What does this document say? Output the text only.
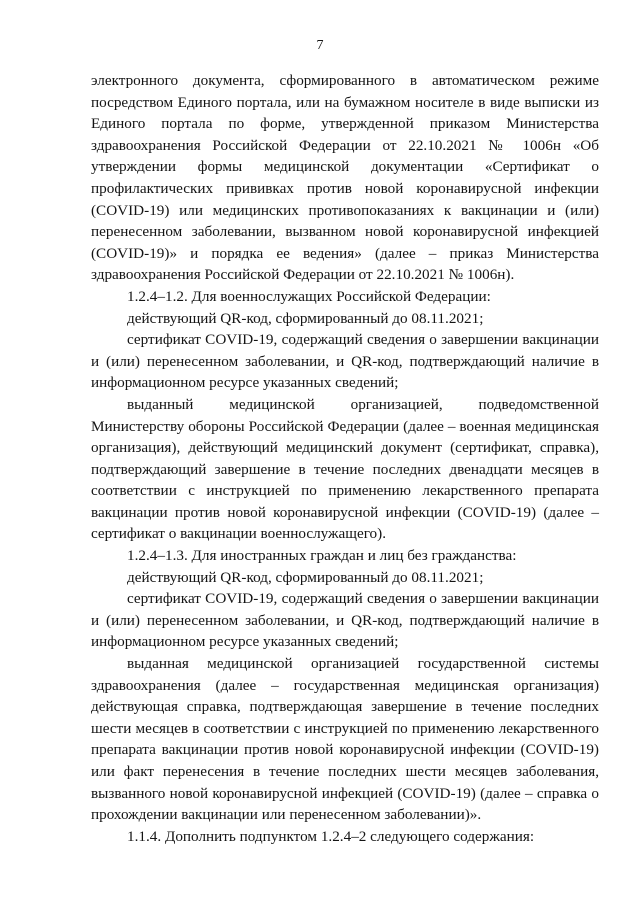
7

электронного документа, сформированного в автоматическом режиме посредством Единого портала, или на бумажном носителе в виде выписки из Единого портала по форме, утвержденной приказом Министерства здравоохранения Российской Федерации от 22.10.2021 № 1006н «Об утверждении формы медицинской документации «Сертификат о профилактических прививках против новой коронавирусной инфекции (COVID-19) или медицинских противопоказаниях к вакцинации и (или) перенесенном заболевании, вызванном новой коронавирусной инфекцией (COVID-19)» и порядка ее ведения» (далее – приказ Министерства здравоохранения Российской Федерации от 22.10.2021 № 1006н).

1.2.4–1.2. Для военнослужащих Российской Федерации:

действующий QR-код, сформированный до 08.11.2021;

сертификат COVID-19, содержащий сведения о завершении вакцинации и (или) перенесенном заболевании, и QR-код, подтверждающий наличие в информационном ресурсе указанных сведений;

выданный медицинской организацией, подведомственной Министерству обороны Российской Федерации (далее – военная медицинская организация), действующий медицинский документ (сертификат, справка), подтверждающий завершение в течение последних двенадцати месяцев в соответствии с инструкцией по применению лекарственного препарата вакцинации против новой коронавирусной инфекции (COVID-19) (далее – сертификат о вакцинации военнослужащего).

1.2.4–1.3. Для иностранных граждан и лиц без гражданства:

действующий QR-код, сформированный до 08.11.2021;

сертификат COVID-19, содержащий сведения о завершении вакцинации и (или) перенесенном заболевании, и QR-код, подтверждающий наличие в информационном ресурсе указанных сведений;

выданная медицинской организацией государственной системы здравоохранения (далее – государственная медицинская организация) действующая справка, подтверждающая завершение в течение последних шести месяцев в соответствии с инструкцией по применению лекарственного препарата вакцинации против новой коронавирусной инфекции (COVID-19) или факт перенесения в течение последних шести месяцев заболевания, вызванного новой коронавирусной инфекцией (COVID-19) (далее – справка о прохождении вакцинации или перенесенном заболевании)».

1.1.4. Дополнить подпунктом 1.2.4–2 следующего содержания:
